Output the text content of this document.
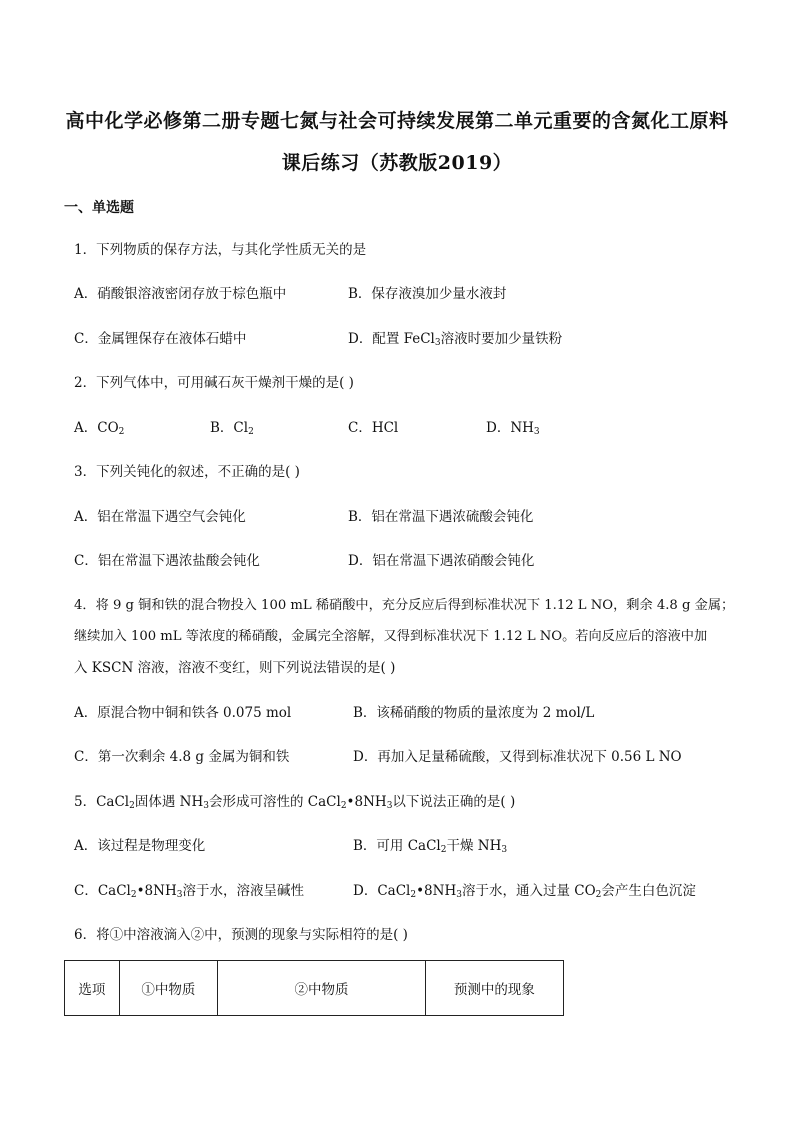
高中化学必修第二册专题七氮与社会可持续发展第二单元重要的含氮化工原料
课后练习（苏教版2019）
一、单选题
1．下列物质的保存方法，与其化学性质无关的是
A．硝酸银溶液密闭存放于棕色瓶中	B．保存液溴加少量水液封
C．金属锂保存在液体石蜡中	D．配置 FeCl$_3$溶液时要加少量铁粉
2．下列气体中，可用碱石灰干燥剂干燥的是( )
A．$CO_2$	B．$Cl_2$	C．HCl	D．$NH_3$
3．下列关钝化的叙述，不正确的是( )
A．铝在常温下遇空气会钝化	B．铝在常温下遇浓硫酸会钝化
C．铝在常温下遇浓盐酸会钝化	D．铝在常温下遇浓硝酸会钝化
4．将 9 g 铜和铁的混合物投入 100 mL 稀硝酸中，充分反应后得到标准状况下 1.12 L NO，剩余 4.8 g 金属；
继续加入 100 mL 等浓度的稀硝酸，金属完全溶解，又得到标准状况下 1.12 L NO。若向反应后的溶液中加
入 KSCN 溶液，溶液不变红，则下列说法错误的是( )
A．原混合物中铜和铁各 0.075 mol	B．该稀硝酸的物质的量浓度为 2 mol/L
C．第一次剩余 4.8 g 金属为铜和铁	D．再加入足量稀硫酸，又得到标准状况下 0.56 L NO
5．CaCl$_2$固体遇 $NH_3$会形成可溶性的 $CaCl_2•8NH_3$以下说法正确的是( )
A．该过程是物理变化	B．可用 CaCl$_2$干燥 $NH_3$
C．$CaCl_2•8NH_3$溶于水，溶液呈碱性	D．$CaCl_2•8NH_3$溶于水，通入过量 $CO_2$会产生白色沉淀
6．将①中溶液滴入②中，预测的现象与实际相符的是( )
选项	①中物质	②中物质	预测中的现象
